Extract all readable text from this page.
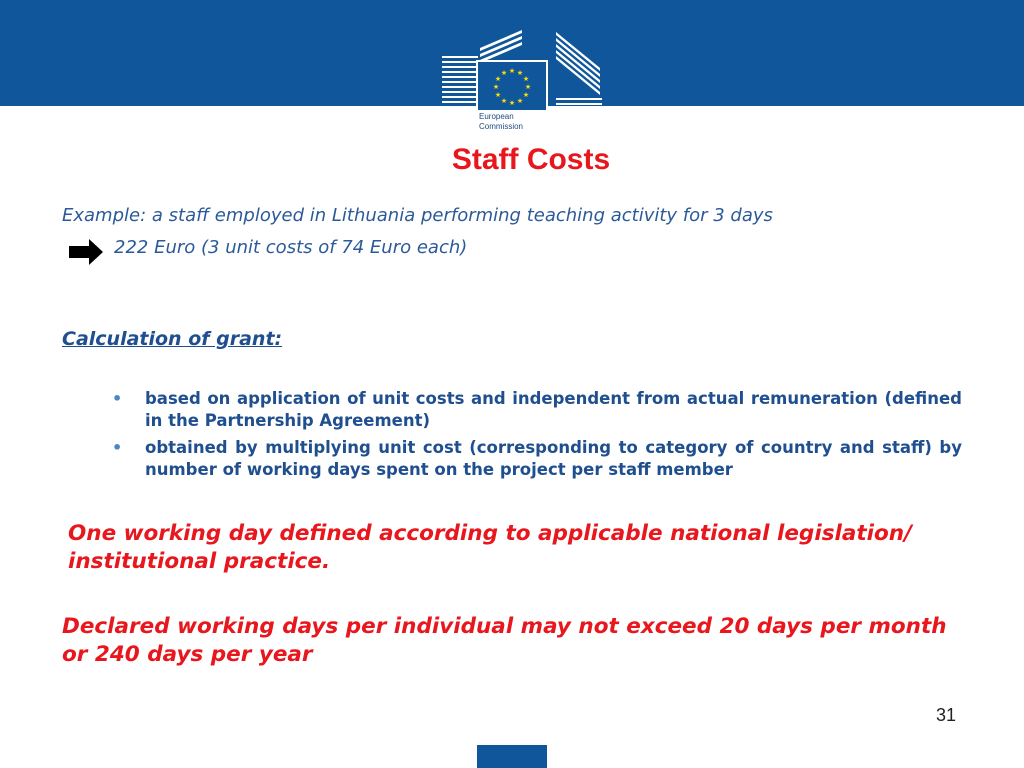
★ ★
★
★
★
★
★
★
★
★
★
★
European
Commission
Staff Costs
Example: a staff employed in Lithuania performing teaching activity for 3 days
222 Euro (3 unit costs of 74 Euro each)
Calculation of grant:
• based on application of unit costs and independent from actual remuneration (defined in the Partnership Agreement)
• obtained by multiplying unit cost (corresponding to category of country and staff) by number of working days spent on the project per staff member
One working day defined according to applicable national legislation/ institutional practice.
Declared working days per individual may not exceed 20 days per month or 240 days per year
31
